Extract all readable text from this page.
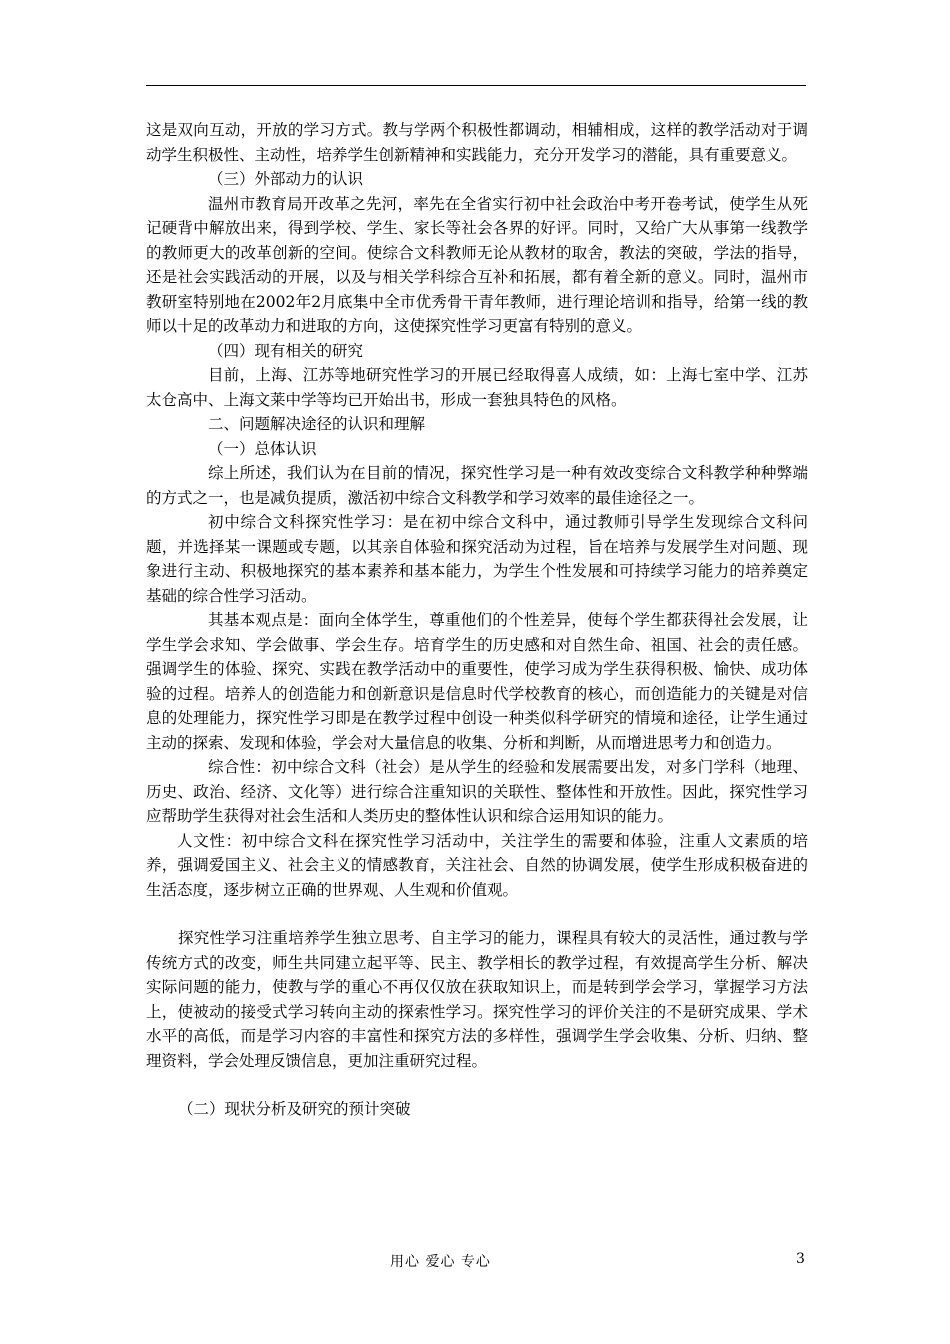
这是双向互动，开放的学习方式。教与学两个积极性都调动，相辅相成，这样的教学活动对于调动学生积极性、主动性，培养学生创新精神和实践能力，充分开发学习的潜能，具有重要意义。

（三）外部动力的认识

温州市教育局开改革之先河，率先在全省实行初中社会政治中考开卷考试，使学生从死记硬背中解放出来，得到学校、学生、家长等社会各界的好评。同时，又给广大从事第一线教学的教师更大的改革创新的空间。使综合文科教师无论从教材的取舍，教法的突破，学法的指导，还是社会实践活动的开展，以及与相关学科综合互补和拓展，都有着全新的意义。同时，温州市教研室特别地在2002年2月底集中全市优秀骨干青年教师，进行理论培训和指导，给第一线的教师以十足的改革动力和进取的方向，这使探究性学习更富有特别的意义。

（四）现有相关的研究

目前，上海、江苏等地研究性学习的开展已经取得喜人成绩，如：上海七室中学、江苏太仓高中、上海文莱中学等均已开始出书，形成一套独具特色的风格。

二、问题解决途径的认识和理解

（一）总体认识

综上所述，我们认为在目前的情况，探究性学习是一种有效改变综合文科教学种种弊端的方式之一，也是减负提质，激活初中综合文科教学和学习效率的最佳途径之一。

初中综合文科探究性学习：是在初中综合文科中，通过教师引导学生发现综合文科问题，并选择某一课题或专题，以其亲自体验和探究活动为过程，旨在培养与发展学生对问题、现象进行主动、积极地探究的基本素养和基本能力，为学生个性发展和可持续学习能力的培养奠定基础的综合性学习活动。

其基本观点是：面向全体学生，尊重他们的个性差异，使每个学生都获得社会发展，让学生学会求知、学会做事、学会生存。培育学生的历史感和对自然生命、祖国、社会的责任感。强调学生的体验、探究、实践在教学活动中的重要性，使学习成为学生获得积极、愉快、成功体验的过程。培养人的创造能力和创新意识是信息时代学校教育的核心，而创造能力的关键是对信息的处理能力，探究性学习即是在教学过程中创设一种类似科学研究的情境和途径，让学生通过主动的探索、发现和体验，学会对大量信息的收集、分析和判断，从而增进思考力和创造力。

综合性：初中综合文科（社会）是从学生的经验和发展需要出发，对多门学科（地理、历史、政治、经济、文化等）进行综合注重知识的关联性、整体性和开放性。因此，探究性学习应帮助学生获得对社会生活和人类历史的整体性认识和综合运用知识的能力。

人文性：初中综合文科在探究性学习活动中，关注学生的需要和体验，注重人文素质的培养，强调爱国主义、社会主义的情感教育，关注社会、自然的协调发展，使学生形成积极奋进的生活态度，逐步树立正确的世界观、人生观和价值观。

探究性学习注重培养学生独立思考、自主学习的能力，课程具有较大的灵活性，通过教与学传统方式的改变，师生共同建立起平等、民主、教学相长的教学过程，有效提高学生分析、解决实际问题的能力，使教与学的重心不再仅仅放在获取知识上，而是转到学会学习，掌握学习方法上，使被动的接受式学习转向主动的探索性学习。探究性学习的评价关注的不是研究成果、学术水平的高低，而是学习内容的丰富性和探究方法的多样性，强调学生学会收集、分析、归纳、整理资料，学会处理反馈信息，更加注重研究过程。

（二）现状分析及研究的预计突破

用心 爱心 专心	3
